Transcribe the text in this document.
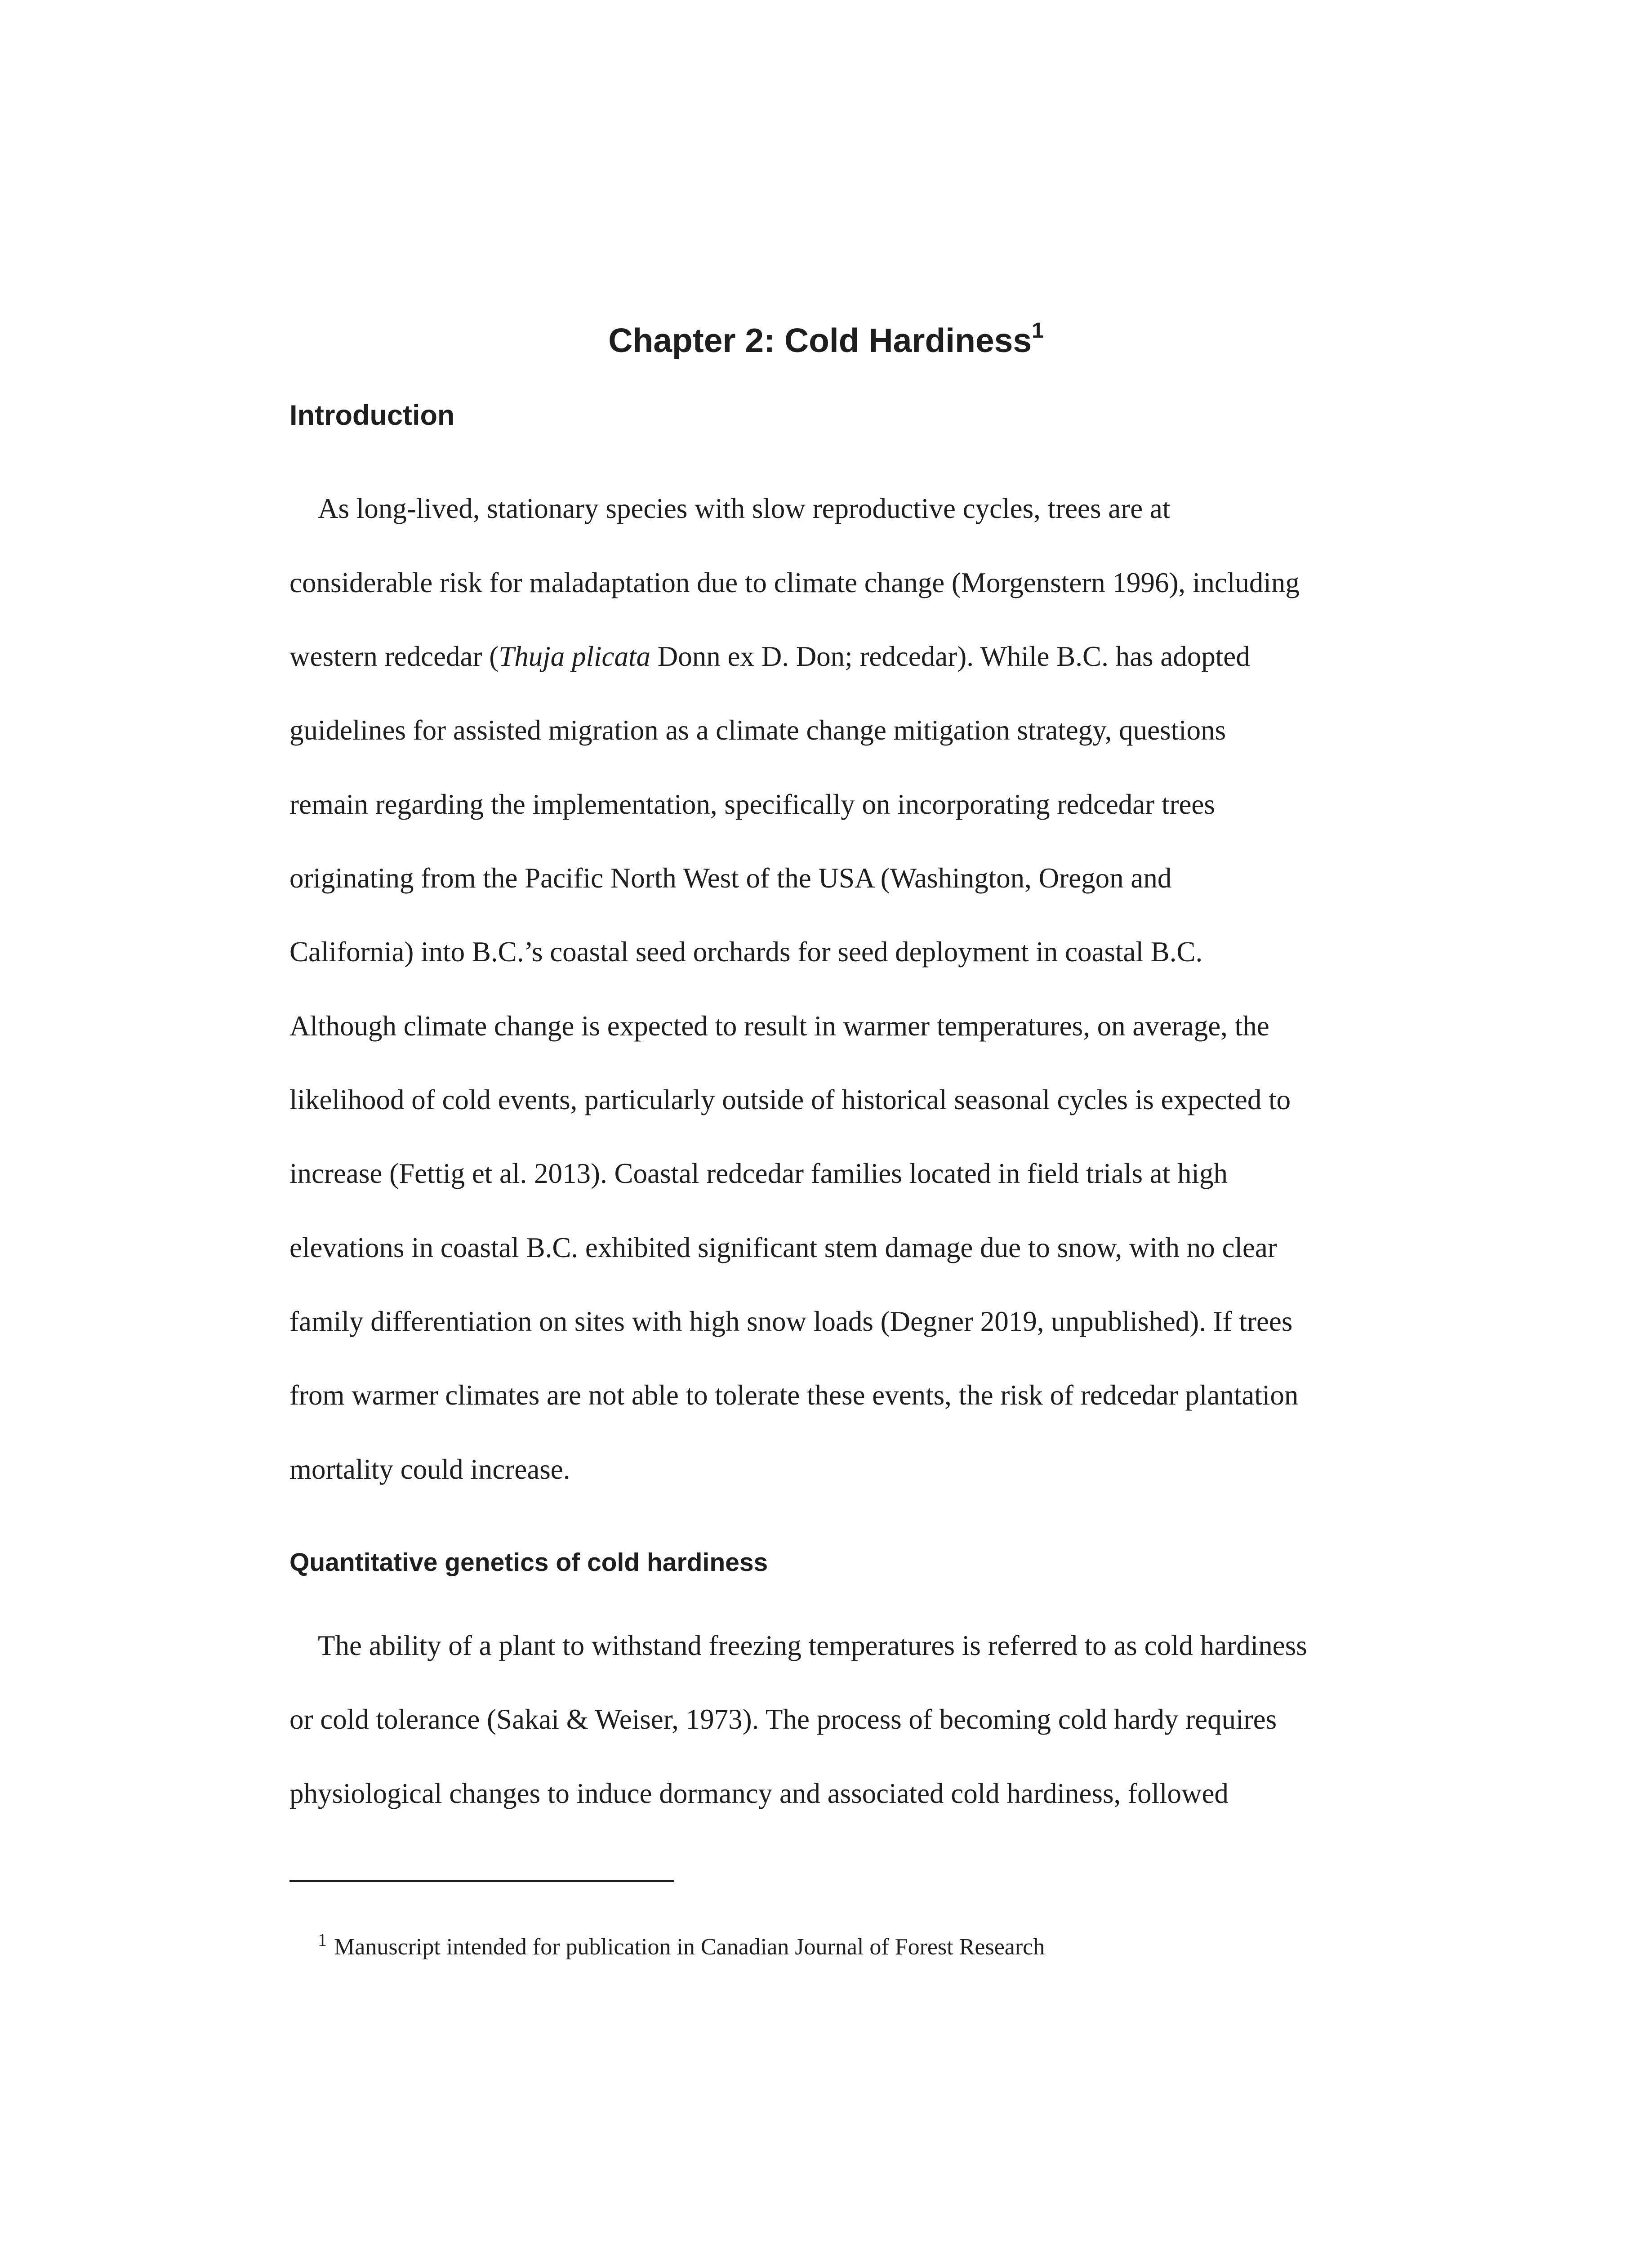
Chapter 2: Cold Hardiness$^1$
Introduction

As long-lived, stationary species with slow reproductive cycles, trees are at

considerable risk for maladaptation due to climate change (Morgenstern 1996), including

western redcedar (Thuja plicata Donn ex D. Don; redcedar). While B.C. has adopted

guidelines for assisted migration as a climate change mitigation strategy, questions

remain regarding the implementation, specifically on incorporating redcedar trees

originating from the Pacific North West of the USA (Washington, Oregon and

California) into B.C.’s coastal seed orchards for seed deployment in coastal B.C.

Although climate change is expected to result in warmer temperatures, on average, the

likelihood of cold events, particularly outside of historical seasonal cycles is expected to

increase (Fettig et al. 2013). Coastal redcedar families located in field trials at high

elevations in coastal B.C. exhibited significant stem damage due to snow, with no clear

family differentiation on sites with high snow loads (Degner 2019, unpublished). If trees

from warmer climates are not able to tolerate these events, the risk of redcedar plantation

mortality could increase.

Quantitative genetics of cold hardiness

The ability of a plant to withstand freezing temperatures is referred to as cold hardiness

or cold tolerance (Sakai & Weiser, 1973). The process of becoming cold hardy requires

physiological changes to induce dormancy and associated cold hardiness, followed

$^1$ Manuscript intended for publication in Canadian Journal of Forest Research
